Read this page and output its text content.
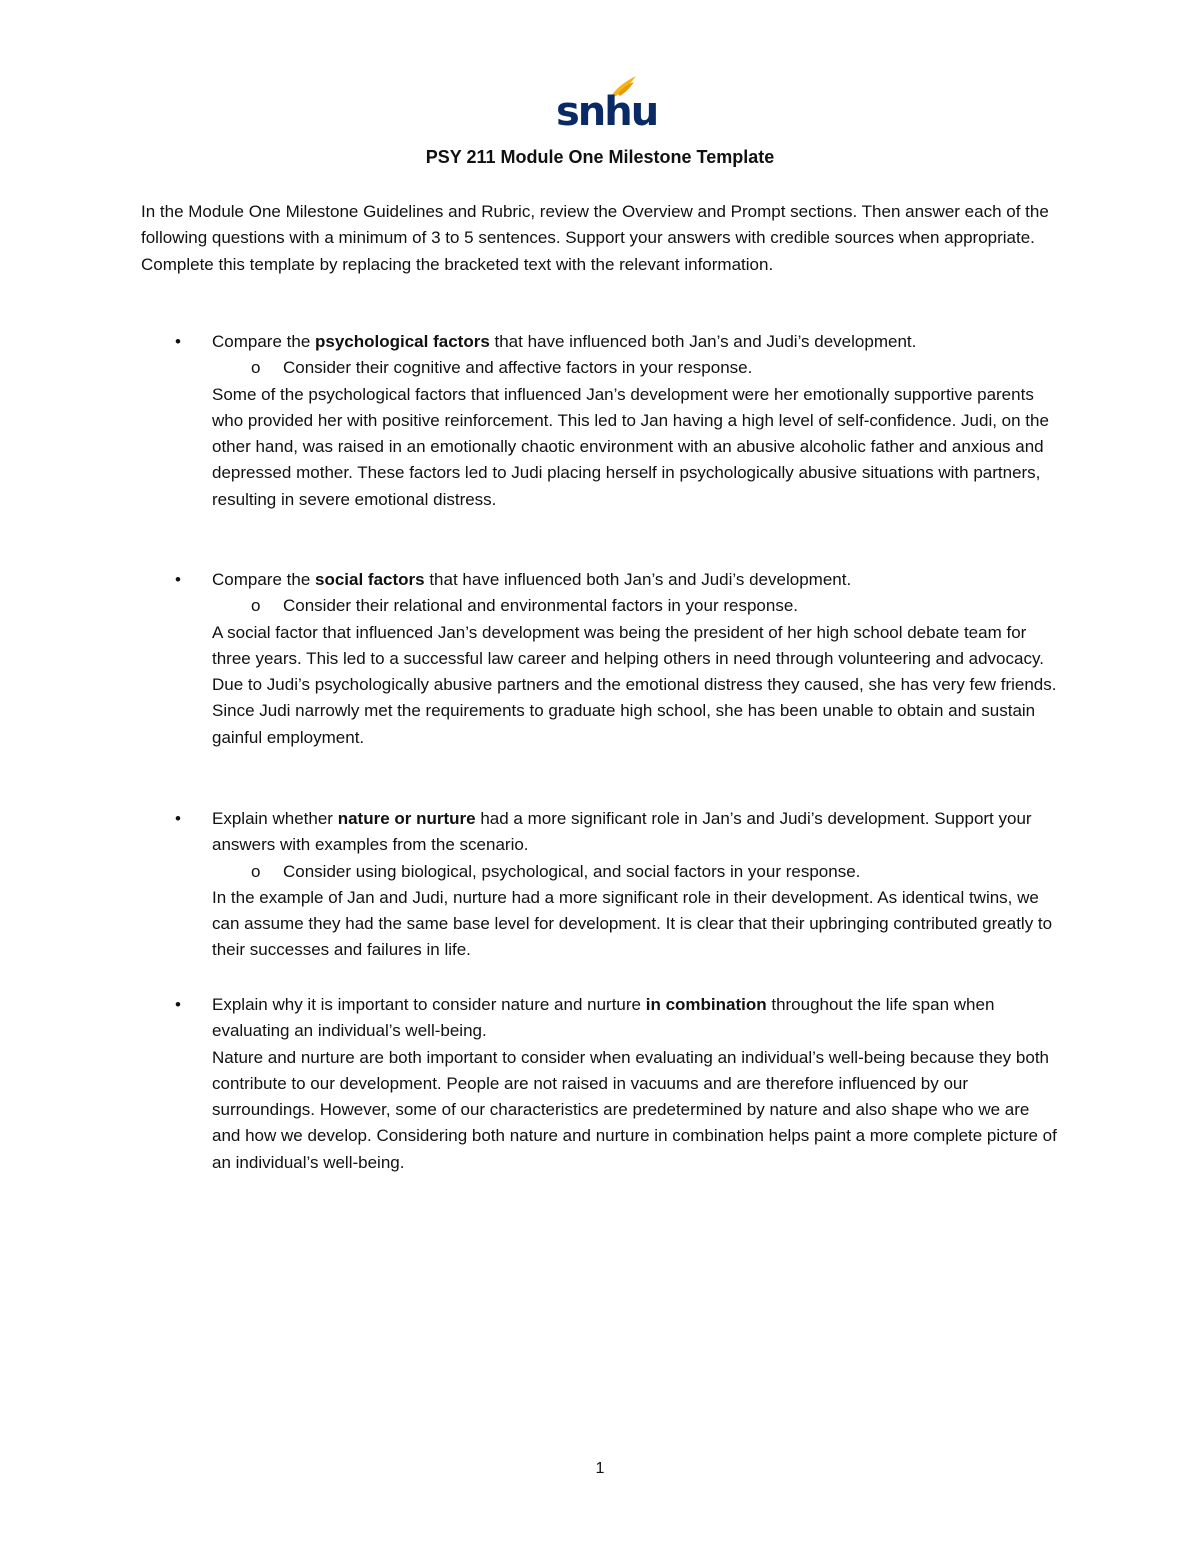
snhu
PSY 211 Module One Milestone Template

In the Module One Milestone Guidelines and Rubric, review the Overview and Prompt sections. Then answer each of the following questions with a minimum of 3 to 5 sentences. Support your answers with credible sources when appropriate. Complete this template by replacing the bracketed text with the relevant information.

• Compare the psychological factors that have influenced both Jan’s and Judi’s development.
o Consider their cognitive and affective factors in your response.
Some of the psychological factors that influenced Jan’s development were her emotionally supportive parents who provided her with positive reinforcement. This led to Jan having a high level of self-confidence. Judi, on the other hand, was raised in an emotionally chaotic environment with an abusive alcoholic father and anxious and depressed mother. These factors led to Judi placing herself in psychologically abusive situations with partners, resulting in severe emotional distress.
• Compare the social factors that have influenced both Jan’s and Judi’s development.
o Consider their relational and environmental factors in your response.
A social factor that influenced Jan’s development was being the president of her high school debate team for three years. This led to a successful law career and helping others in need through volunteering and advocacy. Due to Judi’s psychologically abusive partners and the emotional distress they caused, she has very few friends. Since Judi narrowly met the requirements to graduate high school, she has been unable to obtain and sustain gainful employment.
• Explain whether nature or nurture had a more significant role in Jan’s and Judi’s development. Support your answers with examples from the scenario.
o Consider using biological, psychological, and social factors in your response.
In the example of Jan and Judi, nurture had a more significant role in their development. As identical twins, we can assume they had the same base level for development. It is clear that their upbringing contributed greatly to their successes and failures in life.
• Explain why it is important to consider nature and nurture in combination throughout the life span when evaluating an individual’s well-being.
Nature and nurture are both important to consider when evaluating an individual’s well-being because they both contribute to our development. People are not raised in vacuums and are therefore influenced by our surroundings. However, some of our characteristics are predetermined by nature and also shape who we are and how we develop. Considering both nature and nurture in combination helps paint a more complete picture of an individual’s well-being.
1
